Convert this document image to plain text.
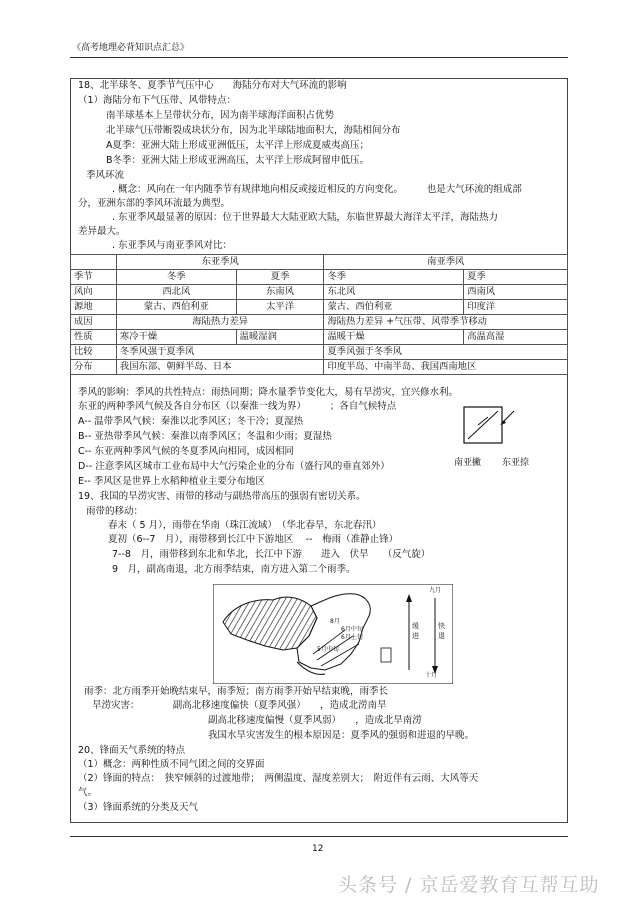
《高考地理必背知识点汇总》
18、北半球冬、夏季节气压中心　　海陆分布对大气环流的影响
（1）海陆分布下气压带、风带特点：
南半球基本上呈带状分布，因为南半球海洋面积占优势
北半球气压带断裂成块状分布，因为北半球陆地面积大，海陆相间分布
A夏季：亚洲大陆上形成亚洲低压，太平洋上形成夏威夷高压；
B冬季：亚洲大陆上形成亚洲高压，太平洋上形成阿留申低压。
季风环流
. 概念：风向在一年内随季节有规律地向相反或接近相反的方向变化。　　　也是大气环流的组成部
分，亚洲东部的季风环流最为典型。
. 东亚季风最显著的原因：位于世界最大大陆亚欧大陆，东临世界最大海洋太平洋，海陆热力
差异最大。
. 东亚季风与南亚季风对比：
	东亚季风		南亚季风	
季节	冬季	夏季	冬季	夏季
风向	西北风	东南风	东北风	西南风
源地	蒙古、西伯利亚	太平洋	蒙古、西伯利亚	印度洋
成因	海陆热力差异		海陆热力差异 +气压带、风带季节移动	
性质	寒冷干燥	温暖湿润	温暖干燥	高温高湿
比较	冬季风强于夏季风		夏季风强于冬季风	
分布	我国东部、朝鲜半岛、日本		印度半岛、中南半岛、我国西南地区	
季风的影响：季风的共性特点：雨热同期；降水量季节变化大，易有旱涝灾，宜兴修水利。
东亚的两种季风气候及各自分布区（以秦淮一线为界）　　　；各自气候特点
A-- 温带季风气候：秦淮以北季风区；冬干冷；夏湿热
B-- 亚热带季风气候：秦淮以南季风区；冬温和少雨；夏湿热
C-- 东亚两种季风气候的冬夏季风向相同，成因相同
D-- 注意季风区城市工业布局中大气污染企业的分布（盛行风的垂直郊外）
E-- 季风区是世界上水稻种植业主要分布地区
南亚撇 东亚捺
19、我国的旱涝灾害、雨带的移动与副热带高压的强弱有密切关系。
雨带的移动：
春末（ 5 月），雨带在华南（珠江流域）　（华北春旱，东北春汛）
夏初（6--7　月），雨带移到长江中下游地区　 --　梅雨（准静止锋）
7--8　月，雨带移到东北和华北，长江中下游　　进入　伏旱　　（反气旋）
9　月，副高南退，北方雨季结束，南方进入第二个雨季。
8月
6月中旬
6月上旬
5月中旬
九月
十月
缓进
快退
雨季：北方雨季开始晚结束早，雨季短；南方雨季开始早结束晚，雨季长
旱涝灾害：　　　　副高北移速度偏快（夏季风强）　　，造成北涝南旱
副高北移速度偏慢（夏季风弱）　　，造成北旱南涝
我国水旱灾害发生的根本原因是：夏季风的强弱和进退的早晚。
20、锋面天气系统的特点
（1）概念：两种性质不同气团之间的交界面
（2）锋面的特点：　狭窄倾斜的过渡地带；　两侧温度、湿度差别大；　附近伴有云雨、大风等天
气。
（3）锋面系统的分类及天气
12
头条号 / 京岳爱教育互帮互助
